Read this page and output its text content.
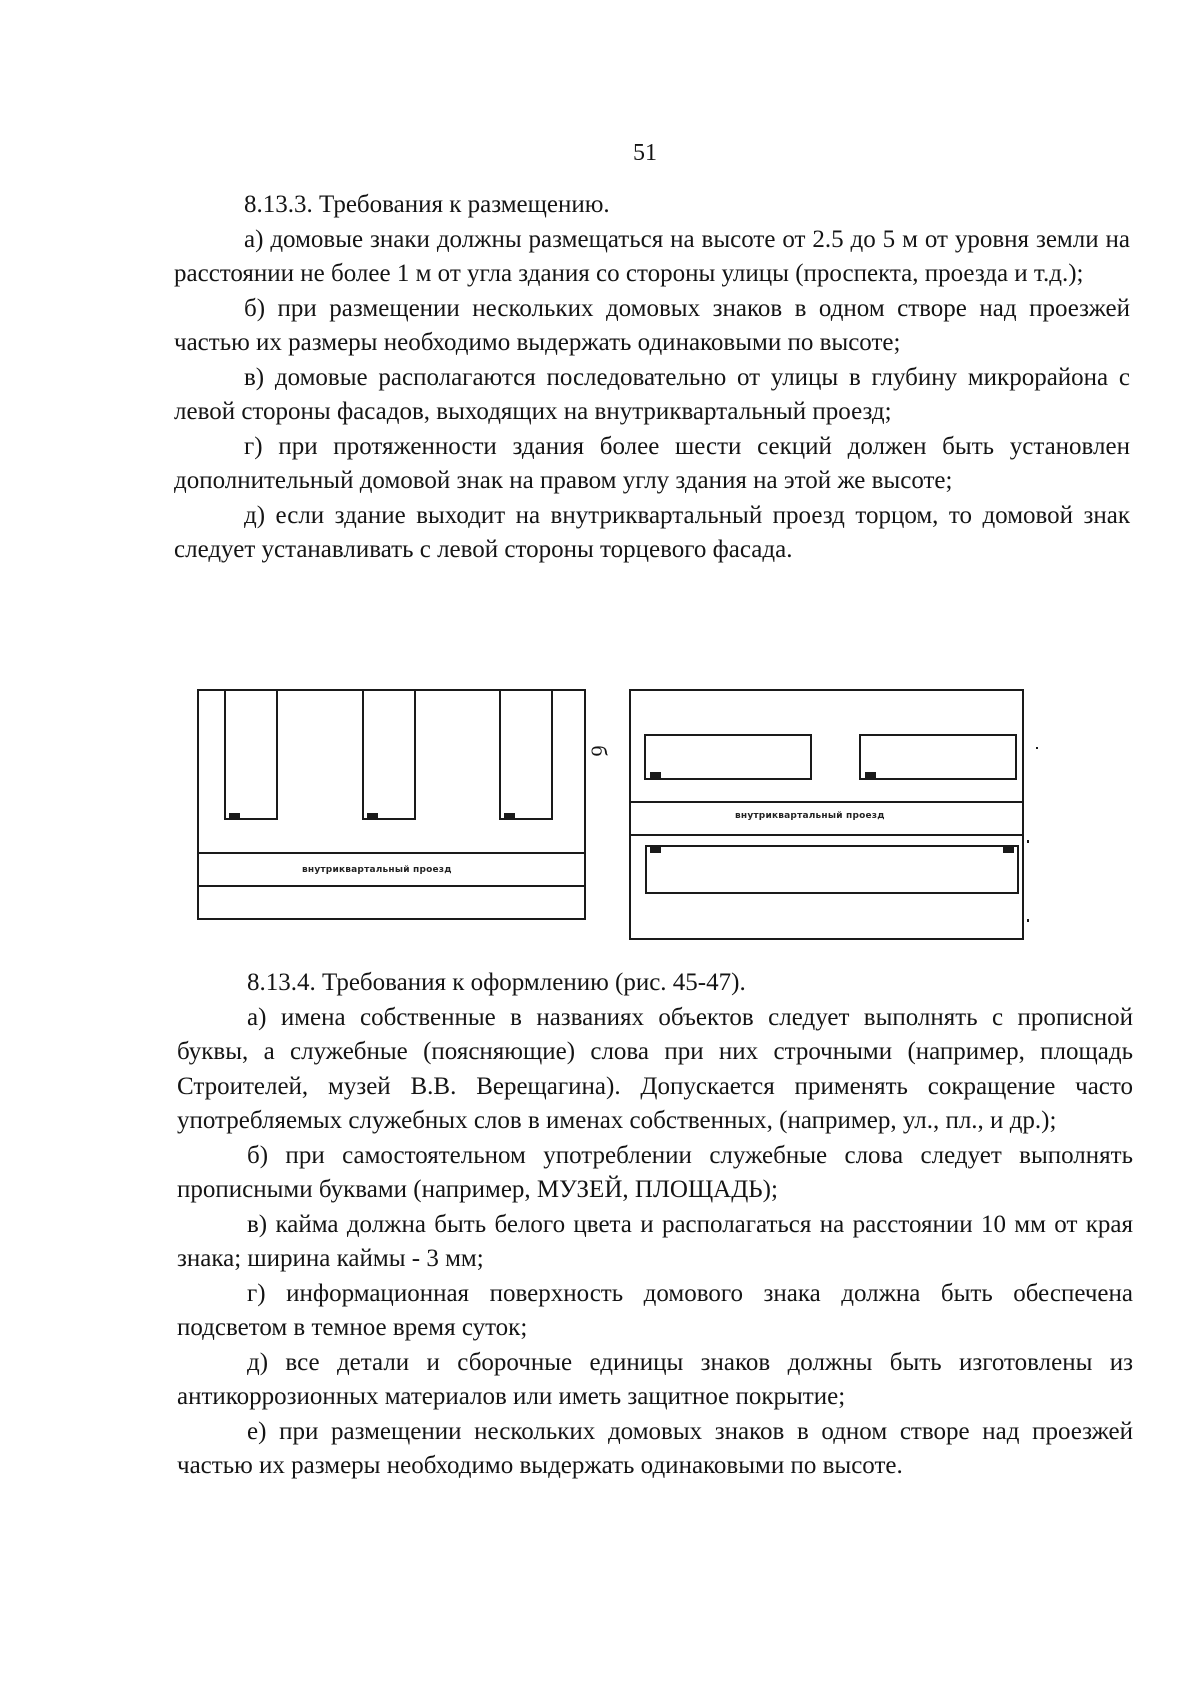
51

8.13.3. Требования к размещению.

а) домовые знаки должны размещаться на высоте от 2.5 до 5 м от уровня земли на расстоянии не более 1 м от угла здания со стороны улицы (проспекта, проезда и т.д.);

б) при размещении нескольких домовых знаков в одном створе над проезжей частью их размеры необходимо выдержать одинаковыми по высоте;

в) домовые располагаются последовательно от улицы в глубину микрорайона с левой стороны фасадов, выходящих на внутриквартальный проезд;

г) при протяженности здания более шести секций должен быть установлен дополнительный домовой знак на правом углу здания на этой же высоте;

д) если здание выходит на внутриквартальный проезд торцом, то домовой знак следует устанавливать с левой стороны торцевого фасада.

внутриквартальный проезд
внутриквартальный проезд
б

8.13.4. Требования к оформлению (рис. 45-47).

а) имена собственные в названиях объектов следует выполнять с прописной буквы, а служебные (поясняющие) слова при них строчными (например, площадь Строителей, музей В.В. Верещагина). Допускается применять сокращение часто употребляемых служебных слов в именах собственных, (например, ул., пл., и др.);

б) при самостоятельном употреблении служебные слова следует выполнять прописными буквами (например, МУЗЕЙ, ПЛОЩАДЬ);

в) кайма должна быть белого цвета и располагаться на расстоянии 10 мм от края знака; ширина каймы - 3 мм;

г) информационная поверхность домового знака должна быть обеспечена подсветом в темное время суток;

д) все детали и сборочные единицы знаков должны быть изготовлены из антикоррозионных материалов или иметь защитное покрытие;

е) при размещении нескольких домовых знаков в одном створе над проезжей частью их размеры необходимо выдержать одинаковыми по высоте.
